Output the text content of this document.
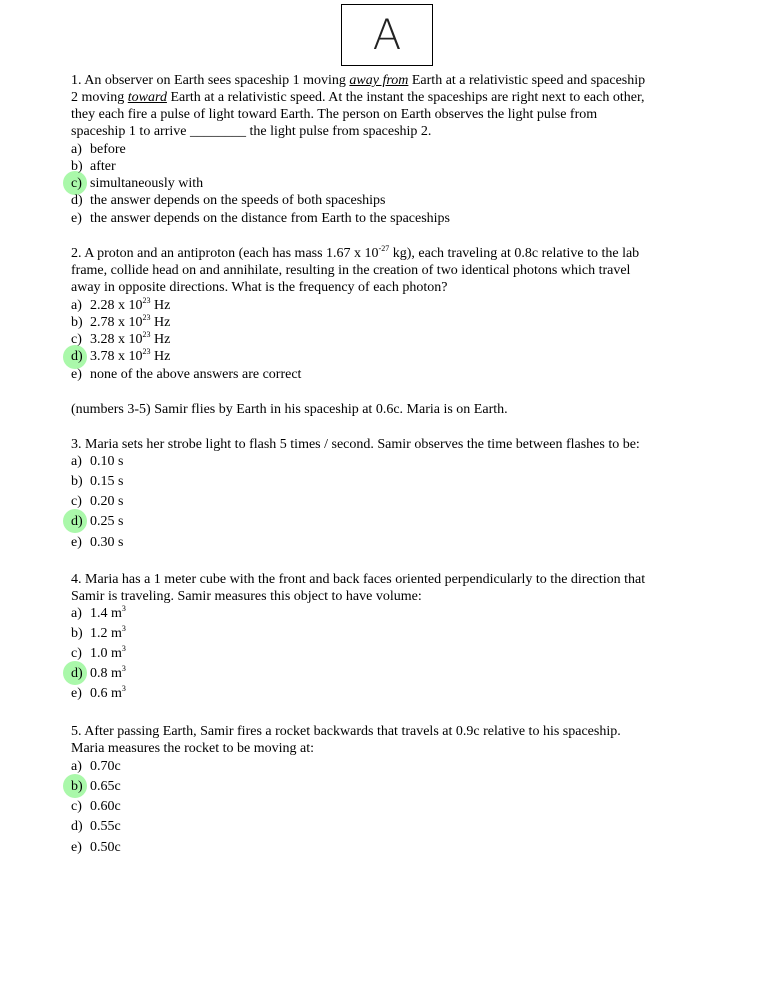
A
1. An observer on Earth sees spaceship 1 moving away from Earth at a relativistic speed and spaceship
2 moving toward Earth at a relativistic speed. At the instant the spaceships are right next to each other,
they each fire a pulse of light toward Earth. The person on Earth observes the light pulse from
spaceship 1 to arrive ________ the light pulse from spaceship 2.
a) before
b) after
c) simultaneously with
d) the answer depends on the speeds of both spaceships
e) the answer depends on the distance from Earth to the spaceships
2. A proton and an antiproton (each has mass 1.67 x $10^{-27}$ kg), each traveling at 0.8c relative to the lab
frame, collide head on and annihilate, resulting in the creation of two identical photons which travel
away in opposite directions. What is the frequency of each photon?
a) 2.28 x $10^{23}$ Hz
b) 2.78 x $10^{23}$ Hz
c) 3.28 x $10^{23}$ Hz
d) 3.78 x $10^{23}$ Hz
e) none of the above answers are correct
(numbers 3-5) Samir flies by Earth in his spaceship at 0.6c. Maria is on Earth.
3. Maria sets her strobe light to flash 5 times / second. Samir observes the time between flashes to be:
a) 0.10 s
b) 0.15 s
c) 0.20 s
d) 0.25 s
e) 0.30 s
4. Maria has a 1 meter cube with the front and back faces oriented perpendicularly to the direction that
Samir is traveling. Samir measures this object to have volume:
a) 1.4 $m^3$
b) 1.2 $m^3$
c) 1.0 $m^3$
d) 0.8 $m^3$
e) 0.6 $m^3$
5. After passing Earth, Samir fires a rocket backwards that travels at 0.9c relative to his spaceship.
Maria measures the rocket to be moving at:
a) 0.70c
b) 0.65c
c) 0.60c
d) 0.55c
e) 0.50c
